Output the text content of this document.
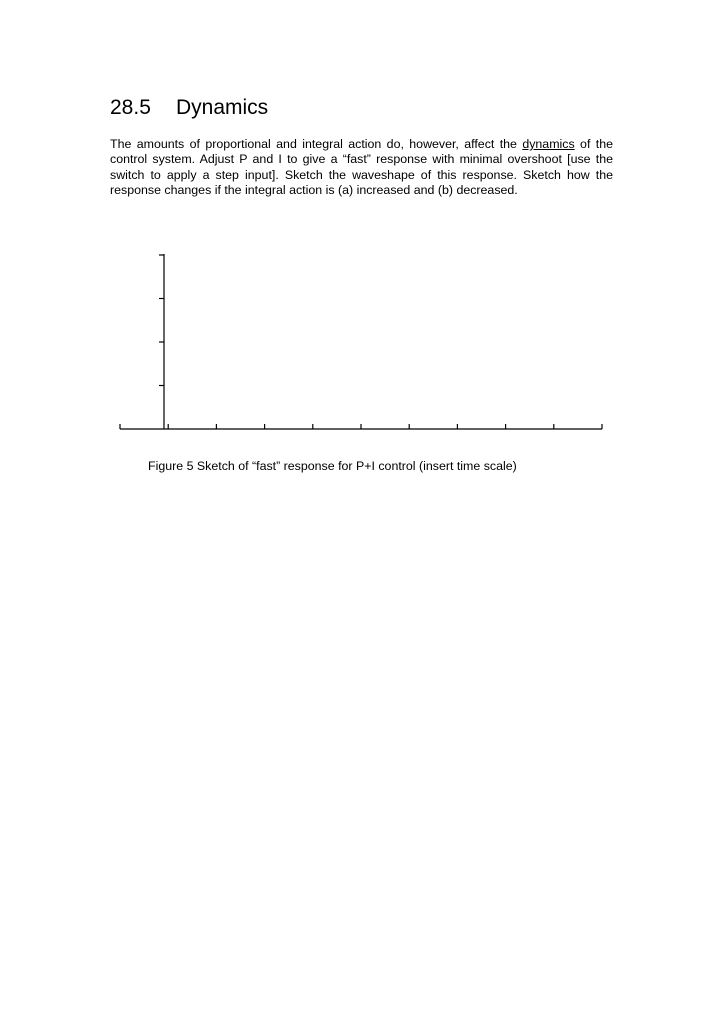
28.5 Dynamics
The amounts of proportional and integral action do, however, affect the dynamics of the control system. Adjust P and I to give a “fast” response with minimal overshoot [use the switch to apply a step input]. Sketch the waveshape of this response. Sketch how the response changes if the integral action is (a) increased and (b) decreased.
Figure 5 Sketch of “fast” response for P+I control (insert time scale)
